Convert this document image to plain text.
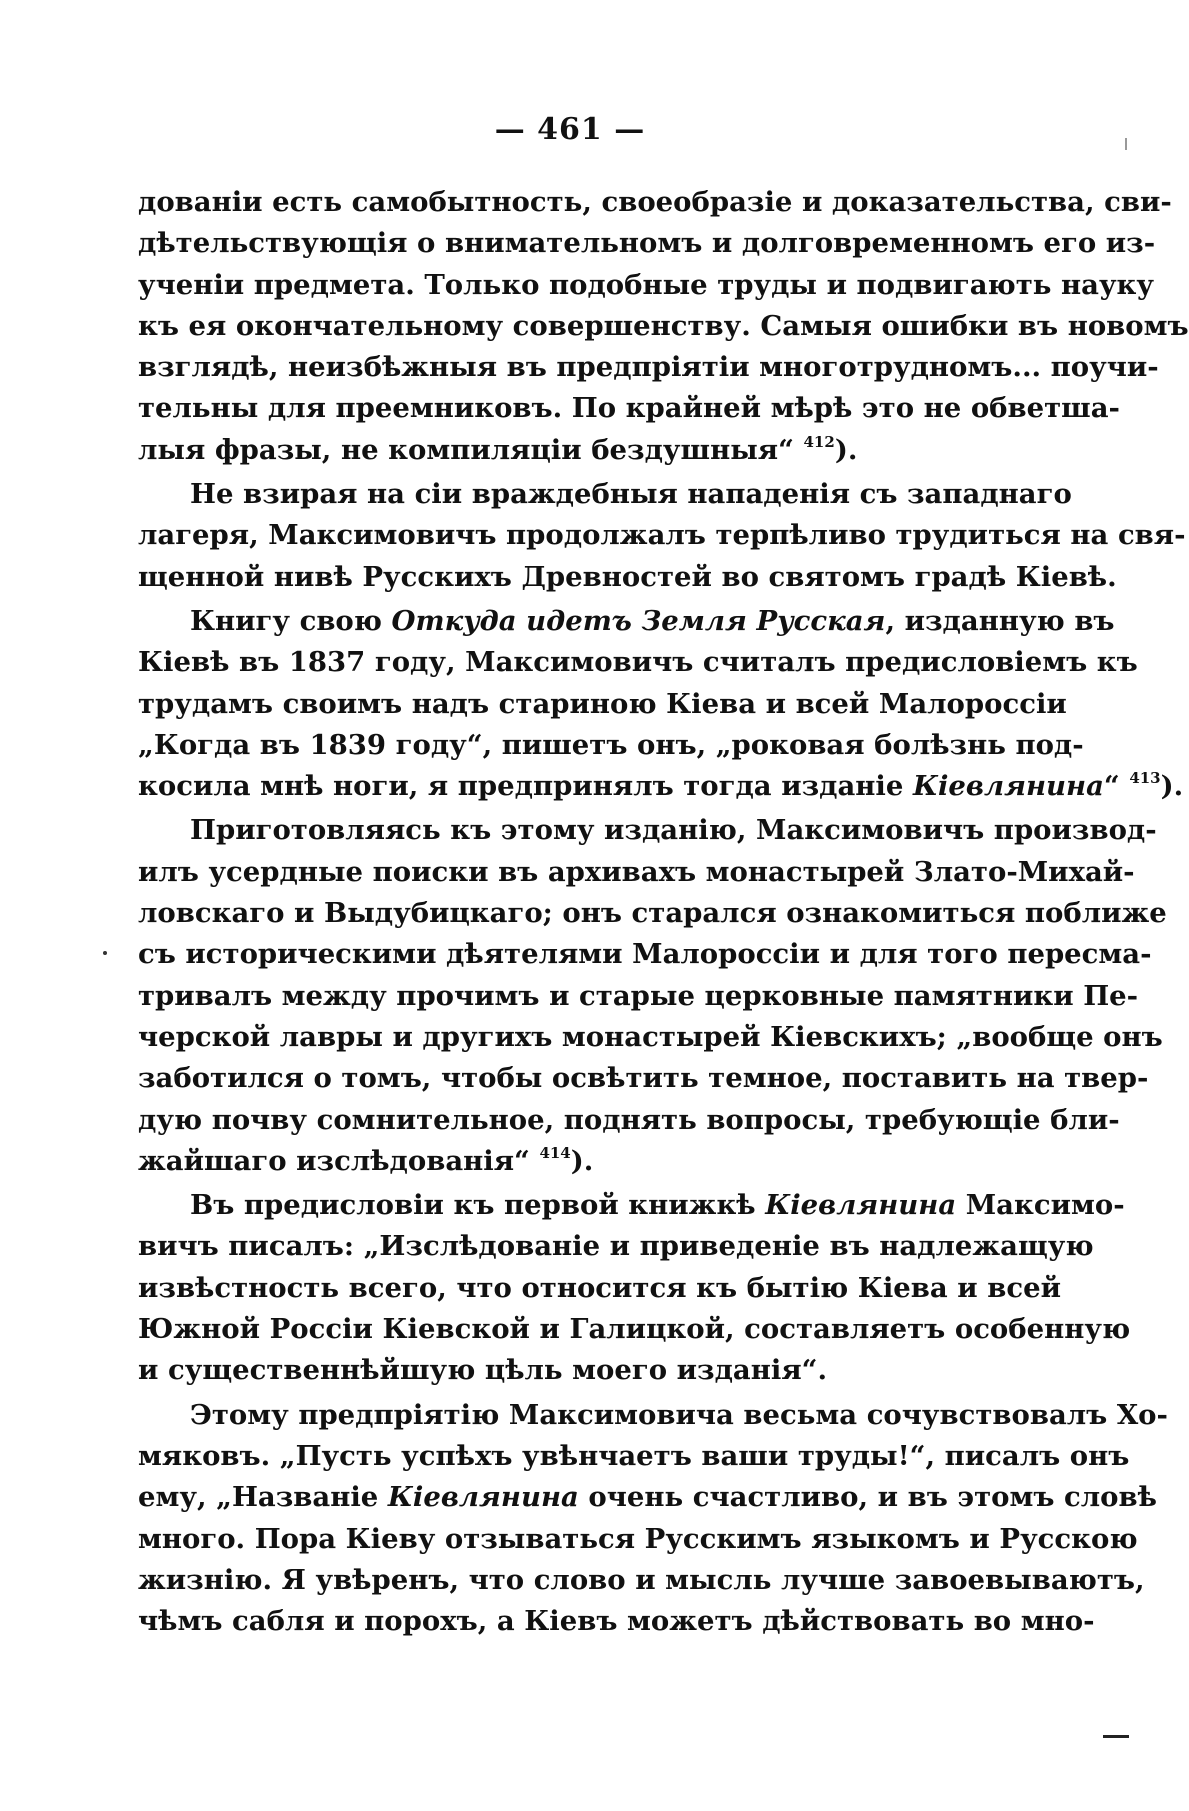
— 461 —
дованіи есть самобытность, своеобразіе и доказательства, сви-
дѣтельствующія о внимательномъ и долговременномъ его из-
ученіи предмета. Только подобные труды и подвигають науку
къ ея окончательному совершенству. Самыя ошибки въ новомъ
взглядѣ, неизбѣжныя въ предпріятіи многотрудномъ... поучи-
тельны для преемниковъ. По крайней мѣрѣ это не обветша-
лыя фразы, не компиляціи бездушныя“ $^{412}$).
Не взирая на сіи враждебныя нападенія съ западнаго
лагеря, Максимовичъ продолжалъ терпѣливо трудиться на свя-
щенной нивѣ Русскихъ Древностей во святомъ градѣ Кіевѣ.
Книгу свою Откуда идетъ Земля Русская, изданную въ
Кіевѣ въ 1837 году, Максимовичъ считалъ предисловіемъ къ
трудамъ своимъ надъ стариною Кіева и всей Малороссіи
„Когда въ 1839 году“, пишетъ онъ, „роковая болѣзнь под-
косила мнѣ ноги, я предпринялъ тогда изданіе Кіевлянина“ $^{413}$).
Приготовляясь къ этому изданію, Максимовичъ производ-
илъ усердные поиски въ архивахъ монастырей Злато-Михай-
ловскаго и Выдубицкаго; онъ старался ознакомиться поближе
съ историческими дѣятелями Малороссіи и для того пересма-
тривалъ между прочимъ и старые церковные памятники Пе-
черской лавры и другихъ монастырей Кіевскихъ; „вообще онъ
заботился о томъ, чтобы освѣтить темное, поставить на твер-
дую почву сомнительное, поднять вопросы, требующіе бли-
жайшаго изслѣдованія“ $^{414}$).
Въ предисловіи къ первой книжкѣ Кіевлянина Максимо-
вичъ писалъ: „Изслѣдованіе и приведеніе въ надлежащую
извѣстность всего, что относится къ бытію Кіева и всей
Южной Россіи Кіевской и Галицкой, составляетъ особенную
и существеннѣйшую цѣль моего изданія“.
Этому предпріятію Максимовича весьма сочувствовалъ Хо-
мяковъ. „Пусть успѣхъ увѣнчаетъ ваши труды!“, писалъ онъ
ему, „Названіе Кіевлянина очень счастливо, и въ этомъ словѣ
много. Пора Кіеву отзываться Русскимъ языкомъ и Русскою
жизнію. Я увѣренъ, что слово и мысль лучше завоевываютъ,
чѣмъ сабля и порохъ, а Кіевъ можетъ дѣйствовать во мно-
